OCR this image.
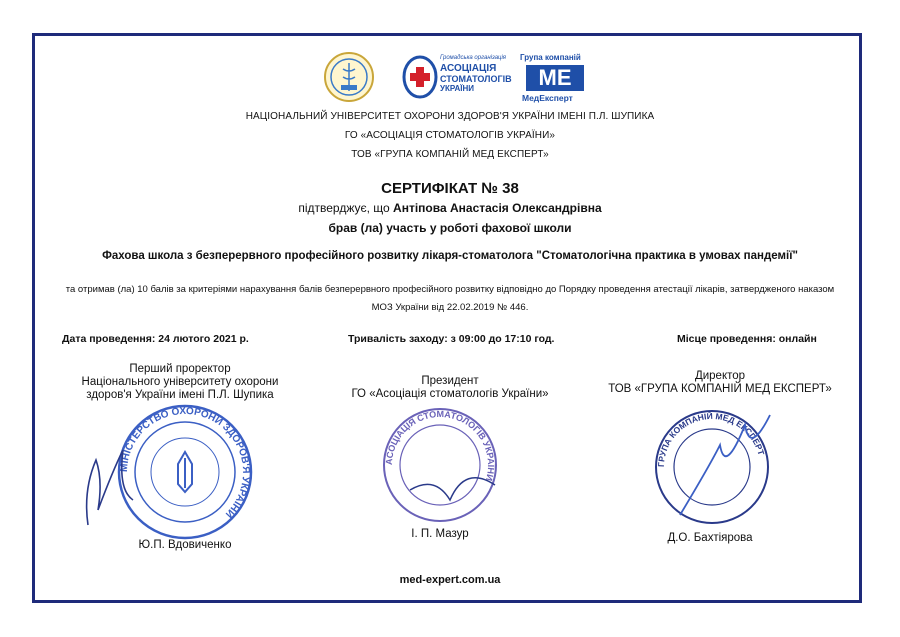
Громадська організація
АСОЦІАЦІЯ
СТОМАТОЛОГІВ
УКРАЇНИ
Група компаній
МЕ
МедЕксперт
НАЦІОНАЛЬНИЙ УНІВЕРСИТЕТ ОХОРОНИ ЗДОРОВ'Я УКРАЇНИ ІМЕНІ П.Л. ШУПИКА
ГО «АСОЦІАЦІЯ СТОМАТОЛОГІВ УКРАЇНИ»
ТОВ «ГРУПА КОМПАНІЙ МЕД ЕКСПЕРТ»
СЕРТИФІКАТ № 38
підтверджує, що Антіпова Анастасія Олександрівна
брав (ла) участь у роботі фахової школи
Фахова школа з безперервного професійного розвитку лікаря-стоматолога "Стоматологічна практика в умовах пандемії"
та отримав (ла) 10 балів за критеріями нарахування балів безперервного професійного розвитку відповідно до Порядку проведення атестації лікарів, затвердженого наказом
МОЗ України від 22.02.2019 № 446.
Дата проведення: 24 лютого 2021 р.	Тривалість заходу: з 09:00 до 17:10 год.	Місце проведення: онлайн
Перший проректор
Національного університету охорони
здоров'я України імені П.Л. Шупика
МІНІСТЕРСТВО ОХОРОНИ ЗДОРОВ'Я УКРАЇНИ
Ю.П. Вдовиченко
Президент
ГО «Асоціація стоматологів України»
АСОЦІАЦІЯ СТОМАТОЛОГІВ УКРАЇНИ
І. П. Мазур
Директор
ТОВ «ГРУПА КОМПАНІЙ МЕД ЕКСПЕРТ»
ГРУПА КОМПАНІЙ МЕД ЕКСПЕРТ
Д.О. Бахтіярова
med-expert.com.ua
